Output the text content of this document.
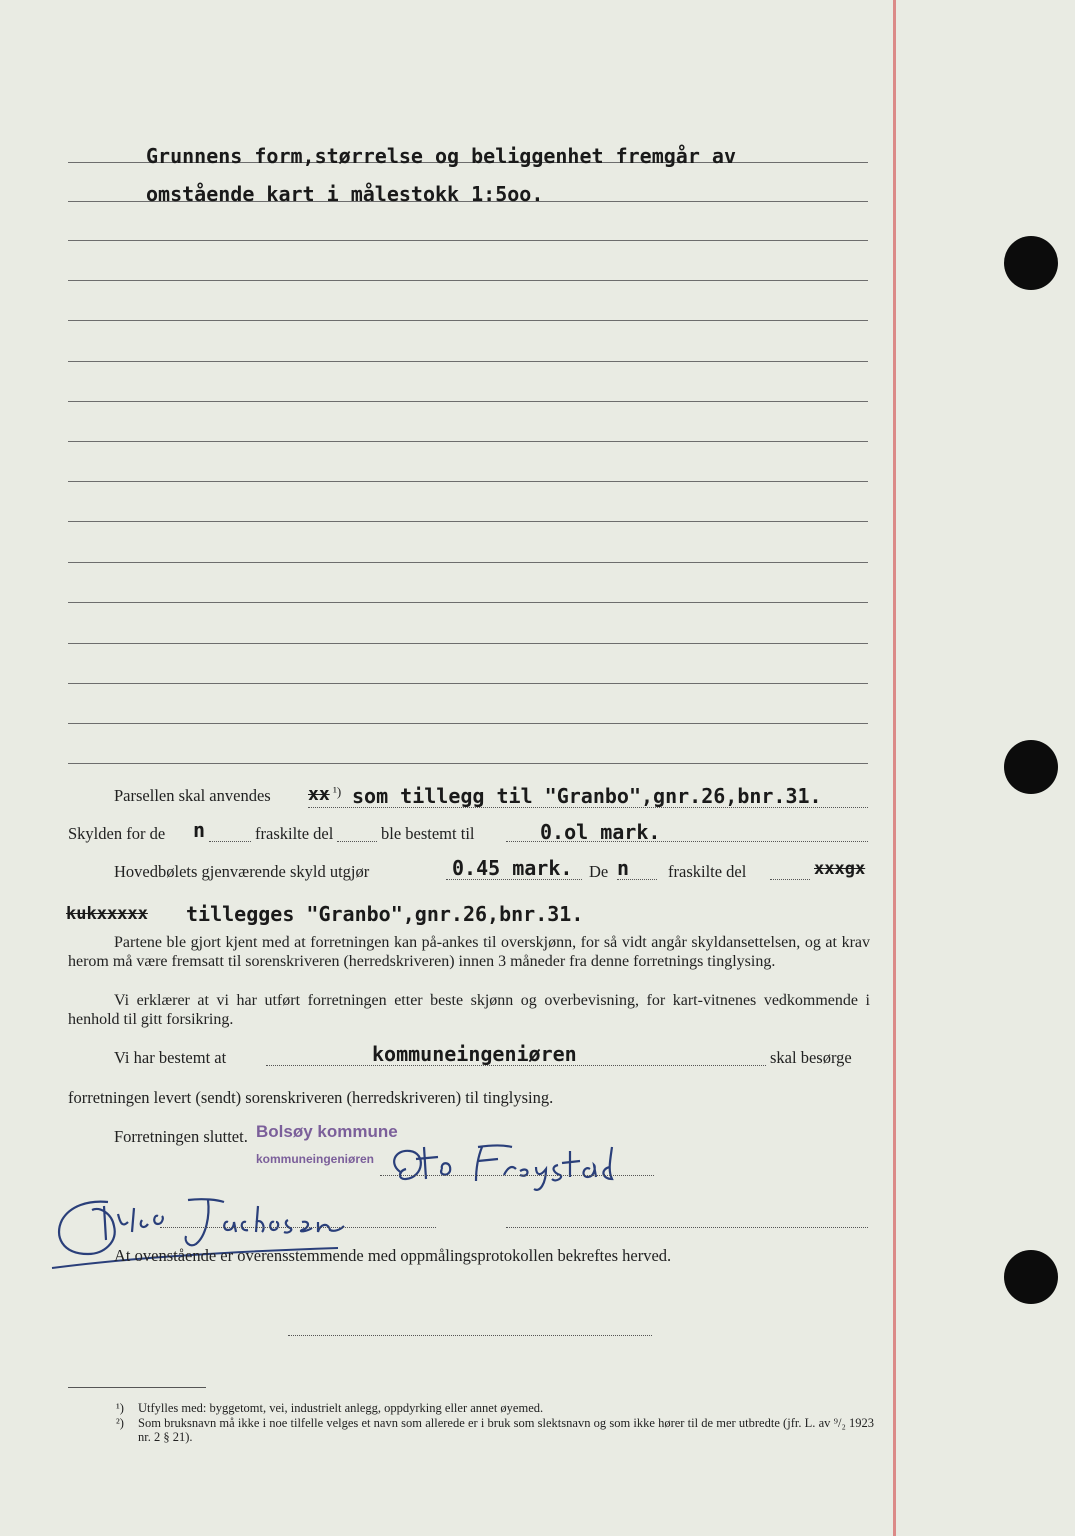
Grunnens form,størrelse og beliggenhet fremgår av
omstående kart i målestokk 1:5oo.
Parsellen skal anvendes xx ¹) som tillegg til "Granbo",gnr.26,bnr.31.
Skylden for de n	fraskilte del	ble bestemt til	0.ol mark.
Hovedbølets gjenværende skyld utgjør	0.45 mark. De n fraskilte del	xxxgx
kukxxxxx tillegges "Granbo",gnr.26,bnr.31.
Partene ble gjort kjent med at forretningen kan på-ankes til overskjønn, for så vidt angår skyldansettelsen, og at krav herom må være fremsatt til sorenskriveren (herredskriveren) innen 3 måneder fra denne forretnings tinglysing.
Vi erklærer at vi har utført forretningen etter beste skjønn og overbevisning, for kart-vitnenes vedkommende i henhold til gitt forsikring.
Vi har bestemt at	kommuneingeniøren	skal besørge
forretningen levert (sendt) sorenskriveren (herredskriveren) til tinglysing.
Forretningen sluttet. Bolsøy kommune
kommuneingeniøren
At ovenstående er overensstemmende med oppmålingsprotokollen bekreftes herved.
¹) Utfylles med: byggetomt, vei, industrielt anlegg, oppdyrking eller annet øyemed.
²) Som bruksnavn må ikke i noe tilfelle velges et navn som allerede er i bruk som slektsnavn og som ikke hører til de mer utbredte (jfr. L. av ⁹/₂ 1923 nr. 2 § 21).
